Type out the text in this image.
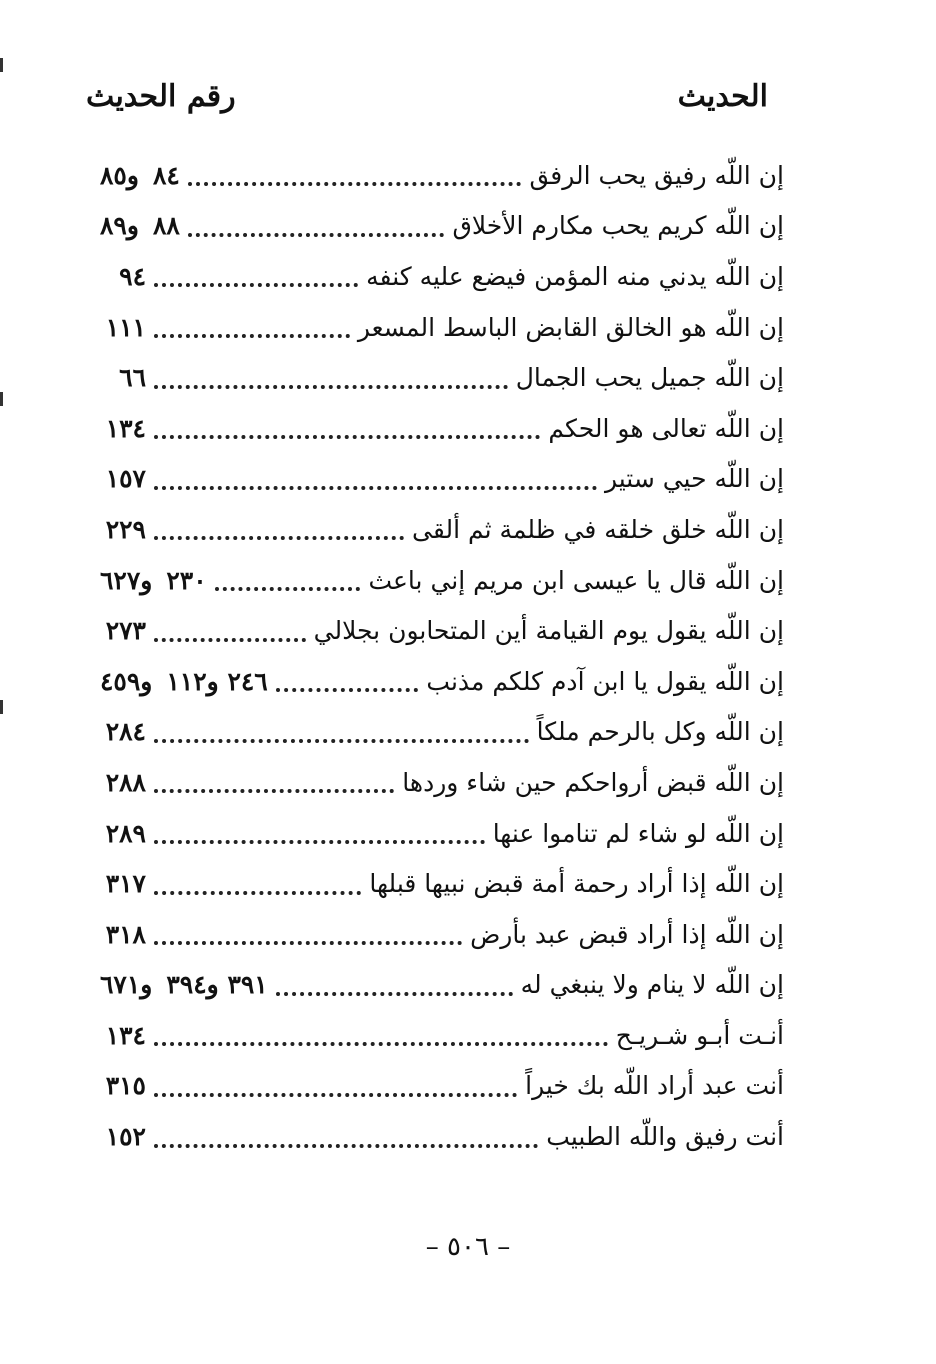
الحديث
رقم الحديث
إن اللّه رفيق يحب الرفق
٨٤
و٨٥
إن اللّه كريم يحب مكارم الأخلاق
٨٨
و٨٩
إن اللّه يدني منه المؤمن فيضع عليه كنفه
٩٤
إن اللّه هو الخالق القابض الباسط المسعر
١١١
إن اللّه جميل يحب الجمال
٦٦
إن اللّه تعالى هو الحكم
١٣٤
إن اللّه حيي ستير
١٥٧
إن اللّه خلق خلقه في ظلمة ثم ألقى
٢٢٩
إن اللّه قال يا عيسى ابن مريم إني باعث
٢٣٠
و٦٢٧
إن اللّه يقول يوم القيامة أين المتحابون بجلالي
٢٧٣
إن اللّه يقول يا ابن آدم كلكم مذنب
٢٤٦ و١١٢
و٤٥٩
إن اللّه وكل بالرحم ملكاً
٢٨٤
إن اللّه قبض أرواحكم حين شاء وردها
٢٨٨
إن اللّه لو شاء لم تناموا عنها
٢٨٩
إن اللّه إذا أراد رحمة أمة قبض نبيها قبلها
٣١٧
إن اللّه إذا أراد قبض عبد بأرض
٣١٨
إن اللّه لا ينام ولا ينبغي له
٣٩١ و٣٩٤
و٦٧١
أنـت أبـو شـريـح
١٣٤
أنت عبد أراد اللّه بك خيراً
٣١٥
أنت رفيق واللّه الطبيب
١٥٢
– ٥٠٦ –
